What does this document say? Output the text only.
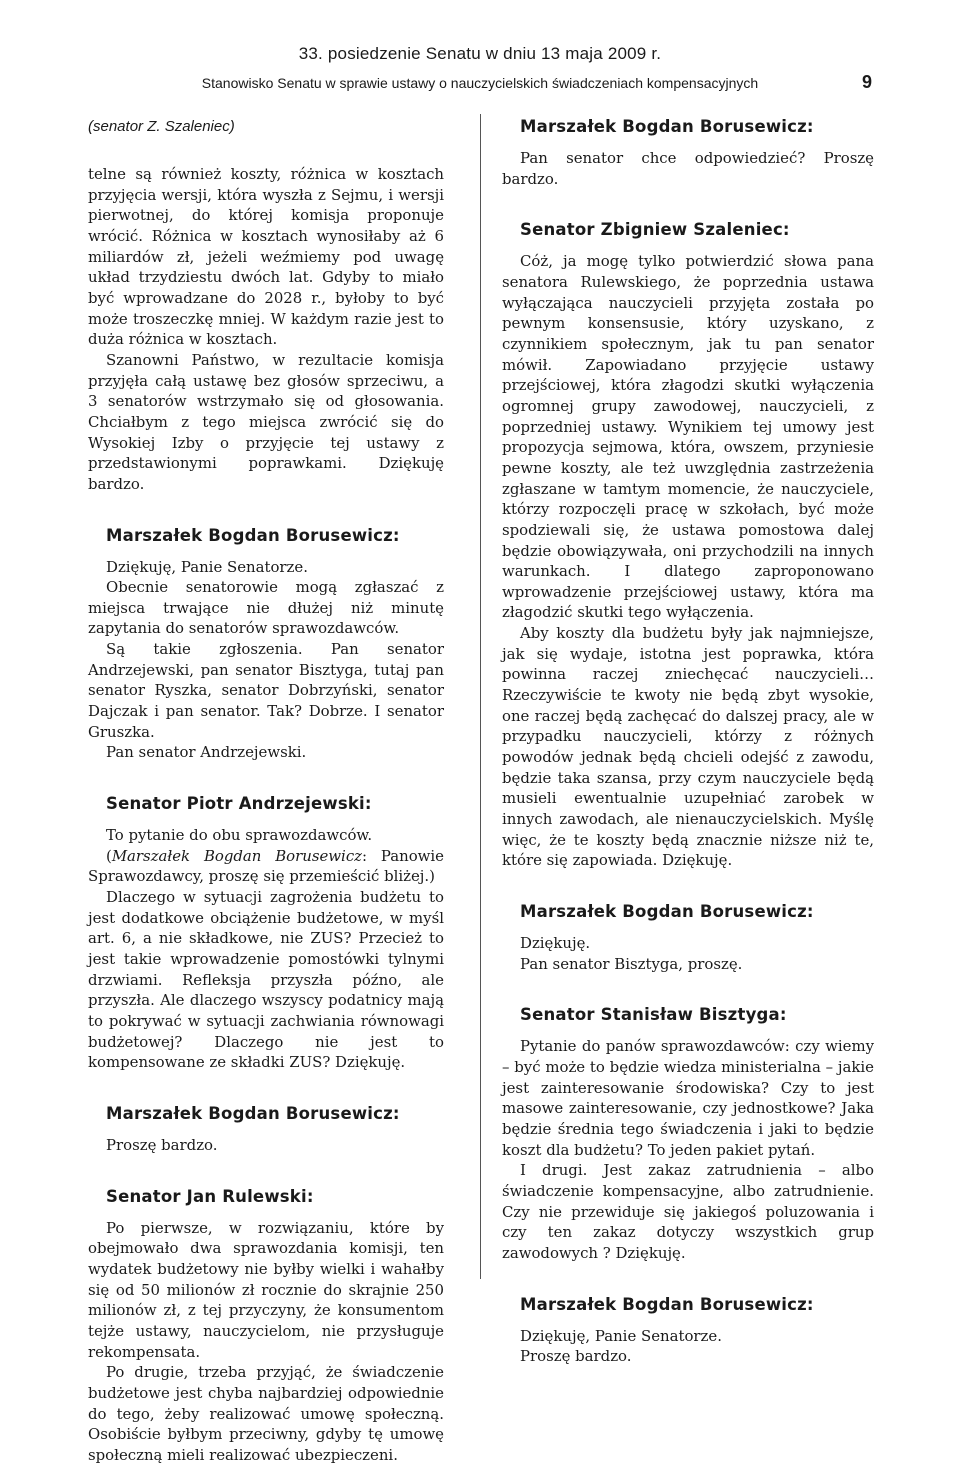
33. posiedzenie Senatu w dniu 13 maja 2009 r.
Stanowisko Senatu w sprawie ustawy o nauczycielskich świadczeniach kompensacyjnych	9
(senator Z. Szaleniec)

telne są również koszty, różnica w kosztach przyjęcia wersji, która wyszła z Sejmu, i wersji pierwotnej, do której komisja proponuje wrócić. Różnica w kosztach wynosiłaby aż 6 miliardów zł, jeżeli weźmiemy pod uwagę układ trzydziestu dwóch lat. Gdyby to miało być wprowadzane do 2028 r., byłoby to być może troszeczkę mniej. W każdym razie jest to duża różnica w kosztach.

Szanowni Państwo, w rezultacie komisja przyjęła całą ustawę bez głosów sprzeciwu, a 3 senatorów wstrzymało się od głosowania. Chciałbym z tego miejsca zwrócić się do Wysokiej Izby o przyjęcie tej ustawy z przedstawionymi poprawkami. Dziękuję bardzo.

Marszałek Bogdan Borusewicz:

Dziękuję, Panie Senatorze.

Obecnie senatorowie mogą zgłaszać z miejsca trwające nie dłużej niż minutę zapytania do senatorów sprawozdawców.

Są takie zgłoszenia. Pan senator Andrzejewski, pan senator Bisztyga, tutaj pan senator Ryszka, senator Dobrzyński, senator Dajczak i pan senator. Tak? Dobrze. I senator Gruszka.

Pan senator Andrzejewski.

Senator Piotr Andrzejewski:

To pytanie do obu sprawozdawców.

(Marszałek Bogdan Borusewicz: Panowie Sprawozdawcy, proszę się przemieścić bliżej.)

Dlaczego w sytuacji zagrożenia budżetu to jest dodatkowe obciążenie budżetowe, w myśl art. 6, a nie składkowe, nie ZUS? Przecież to jest takie wprowadzenie pomostówki tylnymi drzwiami. Refleksja przyszła późno, ale przyszła. Ale dlaczego wszyscy podatnicy mają to pokrywać w sytuacji zachwiania równowagi budżetowej? Dlaczego nie jest to kompensowane ze składki ZUS? Dziękuję.

Marszałek Bogdan Borusewicz:

Proszę bardzo.

Senator Jan Rulewski:

Po pierwsze, w rozwiązaniu, które by obejmowało dwa sprawozdania komisji, ten wydatek budżetowy nie byłby wielki i wahałby się od 50 milionów zł rocznie do skrajnie 250 milionów zł, z tej przyczyny, że konsumentom tejże ustawy, nauczycielom, nie przysługuje rekompensata.

Po drugie, trzeba przyjąć, że świadczenie budżetowe jest chyba najbardziej odpowiednie do tego, żeby realizować umowę społeczną. Osobiście byłbym przeciwny, gdyby tę umowę społeczną mieli realizować ubezpieczeni.

Marszałek Bogdan Borusewicz:

Pan senator chce odpowiedzieć? Proszę bardzo.

Senator Zbigniew Szaleniec:

Cóż, ja mogę tylko potwierdzić słowa pana senatora Rulewskiego, że poprzednia ustawa wyłączająca nauczycieli przyjęta została po pewnym konsensusie, który uzyskano, z czynnikiem społecznym, jak tu pan senator mówił. Zapowiadano przyjęcie ustawy przejściowej, która złagodzi skutki wyłączenia ogromnej grupy zawodowej, nauczycieli, z poprzedniej ustawy. Wynikiem tej umowy jest propozycja sejmowa, która, owszem, przyniesie pewne koszty, ale też uwzględnia zastrzeżenia zgłaszane w tamtym momencie, że nauczyciele, którzy rozpoczęli pracę w szkołach, być może spodziewali się, że ustawa pomostowa dalej będzie obowiązywała, oni przychodzili na innych warunkach. I dlatego zaproponowano wprowadzenie przejściowej ustawy, która ma złagodzić skutki tego wyłączenia.

Aby koszty dla budżetu były jak najmniejsze, jak się wydaje, istotna jest poprawka, która powinna raczej zniechęcać nauczycieli… Rzeczywiście te kwoty nie będą zbyt wysokie, one raczej będą zachęcać do dalszej pracy, ale w przypadku nauczycieli, którzy z różnych powodów jednak będą chcieli odejść z zawodu, będzie taka szansa, przy czym nauczyciele będą musieli ewentualnie uzupełniać zarobek w innych zawodach, ale nienauczycielskich. Myślę więc, że te koszty będą znacznie niższe niż te, które się zapowiada. Dziękuję.

Marszałek Bogdan Borusewicz:

Dziękuję.

Pan senator Bisztyga, proszę.

Senator Stanisław Bisztyga:

Pytanie do panów sprawozdawców: czy wiemy – być może to będzie wiedza ministerialna – jakie jest zainteresowanie środowiska? Czy to jest masowe zainteresowanie, czy jednostkowe? Jaka będzie średnia tego świadczenia i jaki to będzie koszt dla budżetu? To jeden pakiet pytań.

I drugi. Jest zakaz zatrudnienia – albo świadczenie kompensacyjne, albo zatrudnienie. Czy nie przewiduje się jakiegoś poluzowania i czy ten zakaz dotyczy wszystkich grup zawodowych ? Dziękuję.

Marszałek Bogdan Borusewicz:

Dziękuję, Panie Senatorze.

Proszę bardzo.
